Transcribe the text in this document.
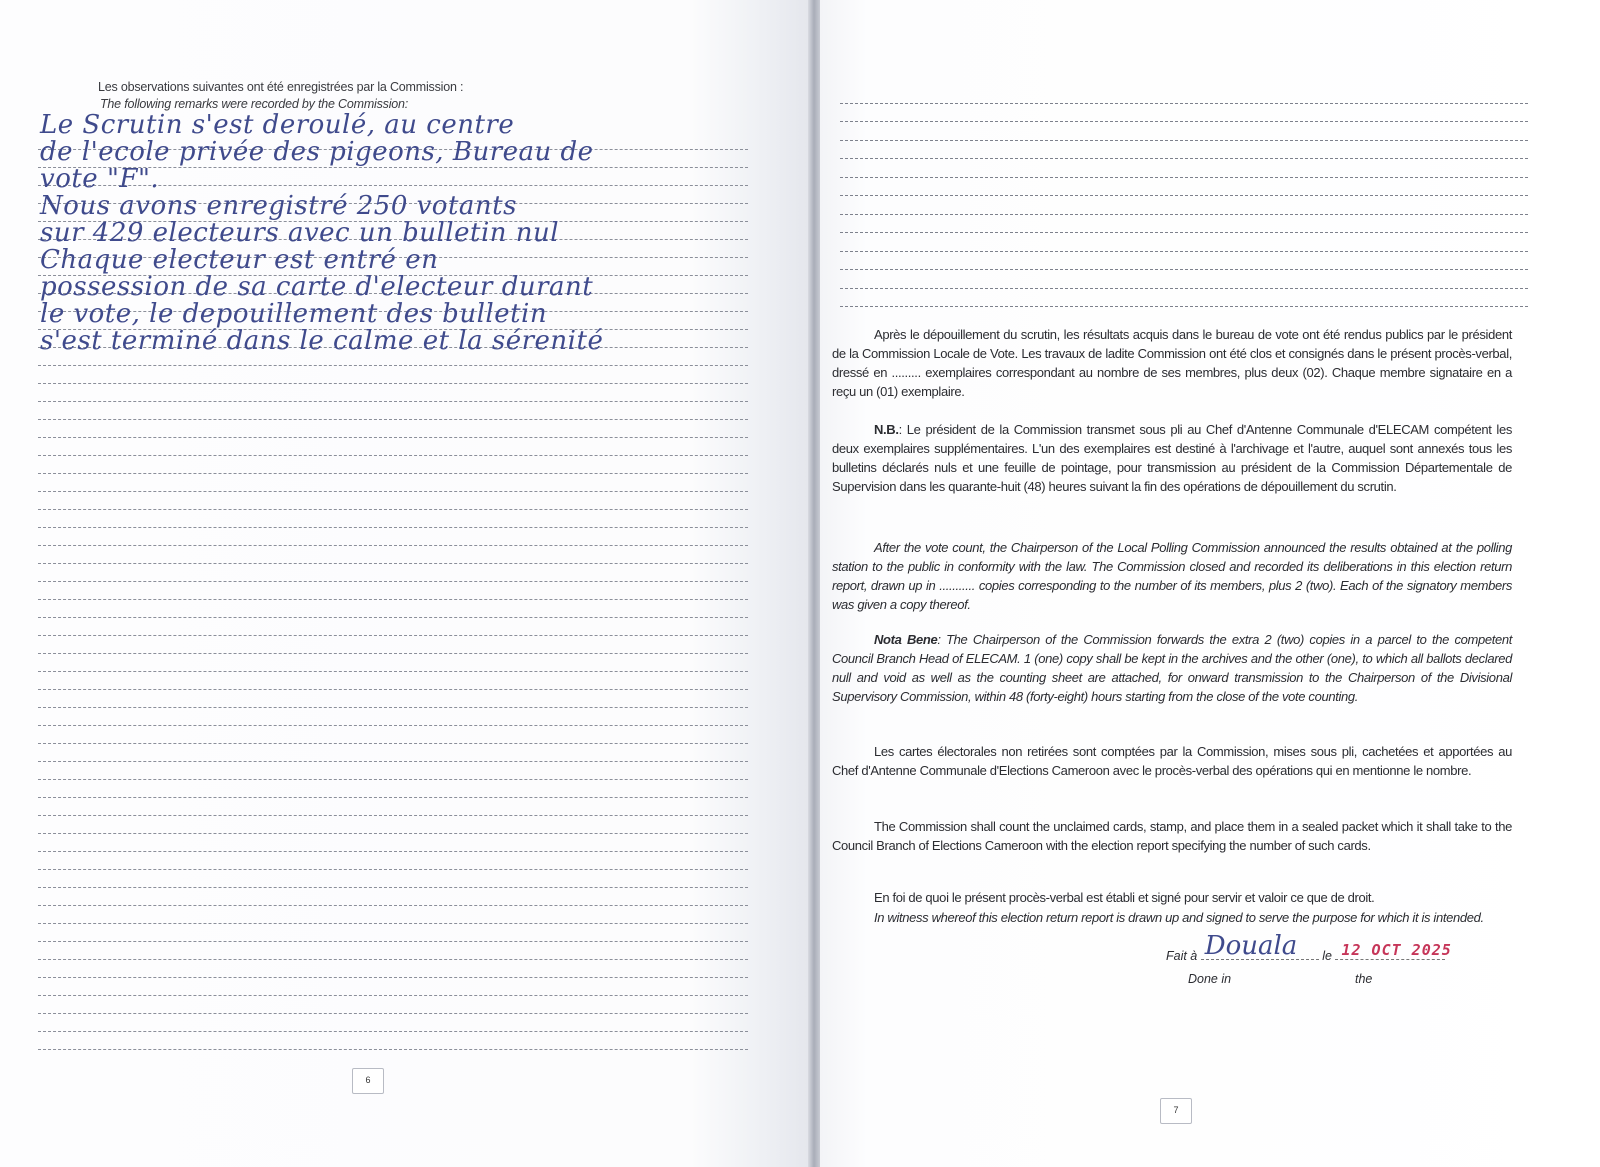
Les observations suivantes ont été enregistrées par la Commission :
The following remarks were recorded by the Commission:
Le Scrutin s'est deroulé, au centre
de l'ecole privée des pigeons, Bureau de
vote "F".
Nous avons enregistré 250 votants
sur 429 electeurs avec un bulletin nul
Chaque electeur est entré en
possession de sa carte d'electeur durant
le vote, le depouillement des bulletin
s'est terminé dans le calme et la sérenité
6
Après le dépouillement du scrutin, les résultats acquis dans le bureau de vote ont été rendus publics par le président de la Commission Locale de Vote. Les travaux de ladite Commission ont été clos et consignés dans le présent procès-verbal, dressé en ......... exemplaires correspondant au nombre de ses membres, plus deux (02). Chaque membre signataire en a reçu un (01) exemplaire.
N.B.: Le président de la Commission transmet sous pli au Chef d'Antenne Communale d'ELECAM compétent les deux exemplaires supplémentaires. L'un des exemplaires est destiné à l'archivage et l'autre, auquel sont annexés tous les bulletins déclarés nuls et une feuille de pointage, pour transmission au président de la Commission Départementale de Supervision dans les quarante-huit (48) heures suivant la fin des opérations de dépouillement du scrutin.
After the vote count, the Chairperson of the Local Polling Commission announced the results obtained at the polling station to the public in conformity with the law. The Commission closed and recorded its deliberations in this election return report, drawn up in ........... copies corresponding to the number of its members, plus 2 (two). Each of the signatory members was given a copy thereof.
Nota Bene: The Chairperson of the Commission forwards the extra 2 (two) copies in a parcel to the competent Council Branch Head of ELECAM. 1 (one) copy shall be kept in the archives and the other (one), to which all ballots declared null and void as well as the counting sheet are attached, for onward transmission to the Chairperson of the Divisional Supervisory Commission, within 48 (forty-eight) hours starting from the close of the vote counting.
Les cartes électorales non retirées sont comptées par la Commission, mises sous pli, cachetées et apportées au Chef d'Antenne Communale d'Elections Cameroon avec le procès-verbal des opérations qui en mentionne le nombre.
The Commission shall count the unclaimed cards, stamp, and place them in a sealed packet which it shall take to the Council Branch of Elections Cameroon with the election report specifying the number of such cards.
En foi de quoi le présent procès-verbal est établi et signé pour servir et valoir ce que de droit.
In witness whereof this election return report is drawn up and signed to serve the purpose for which it is intended.
Fait à Douala le 12 OCT 2025
Done in	the
7
